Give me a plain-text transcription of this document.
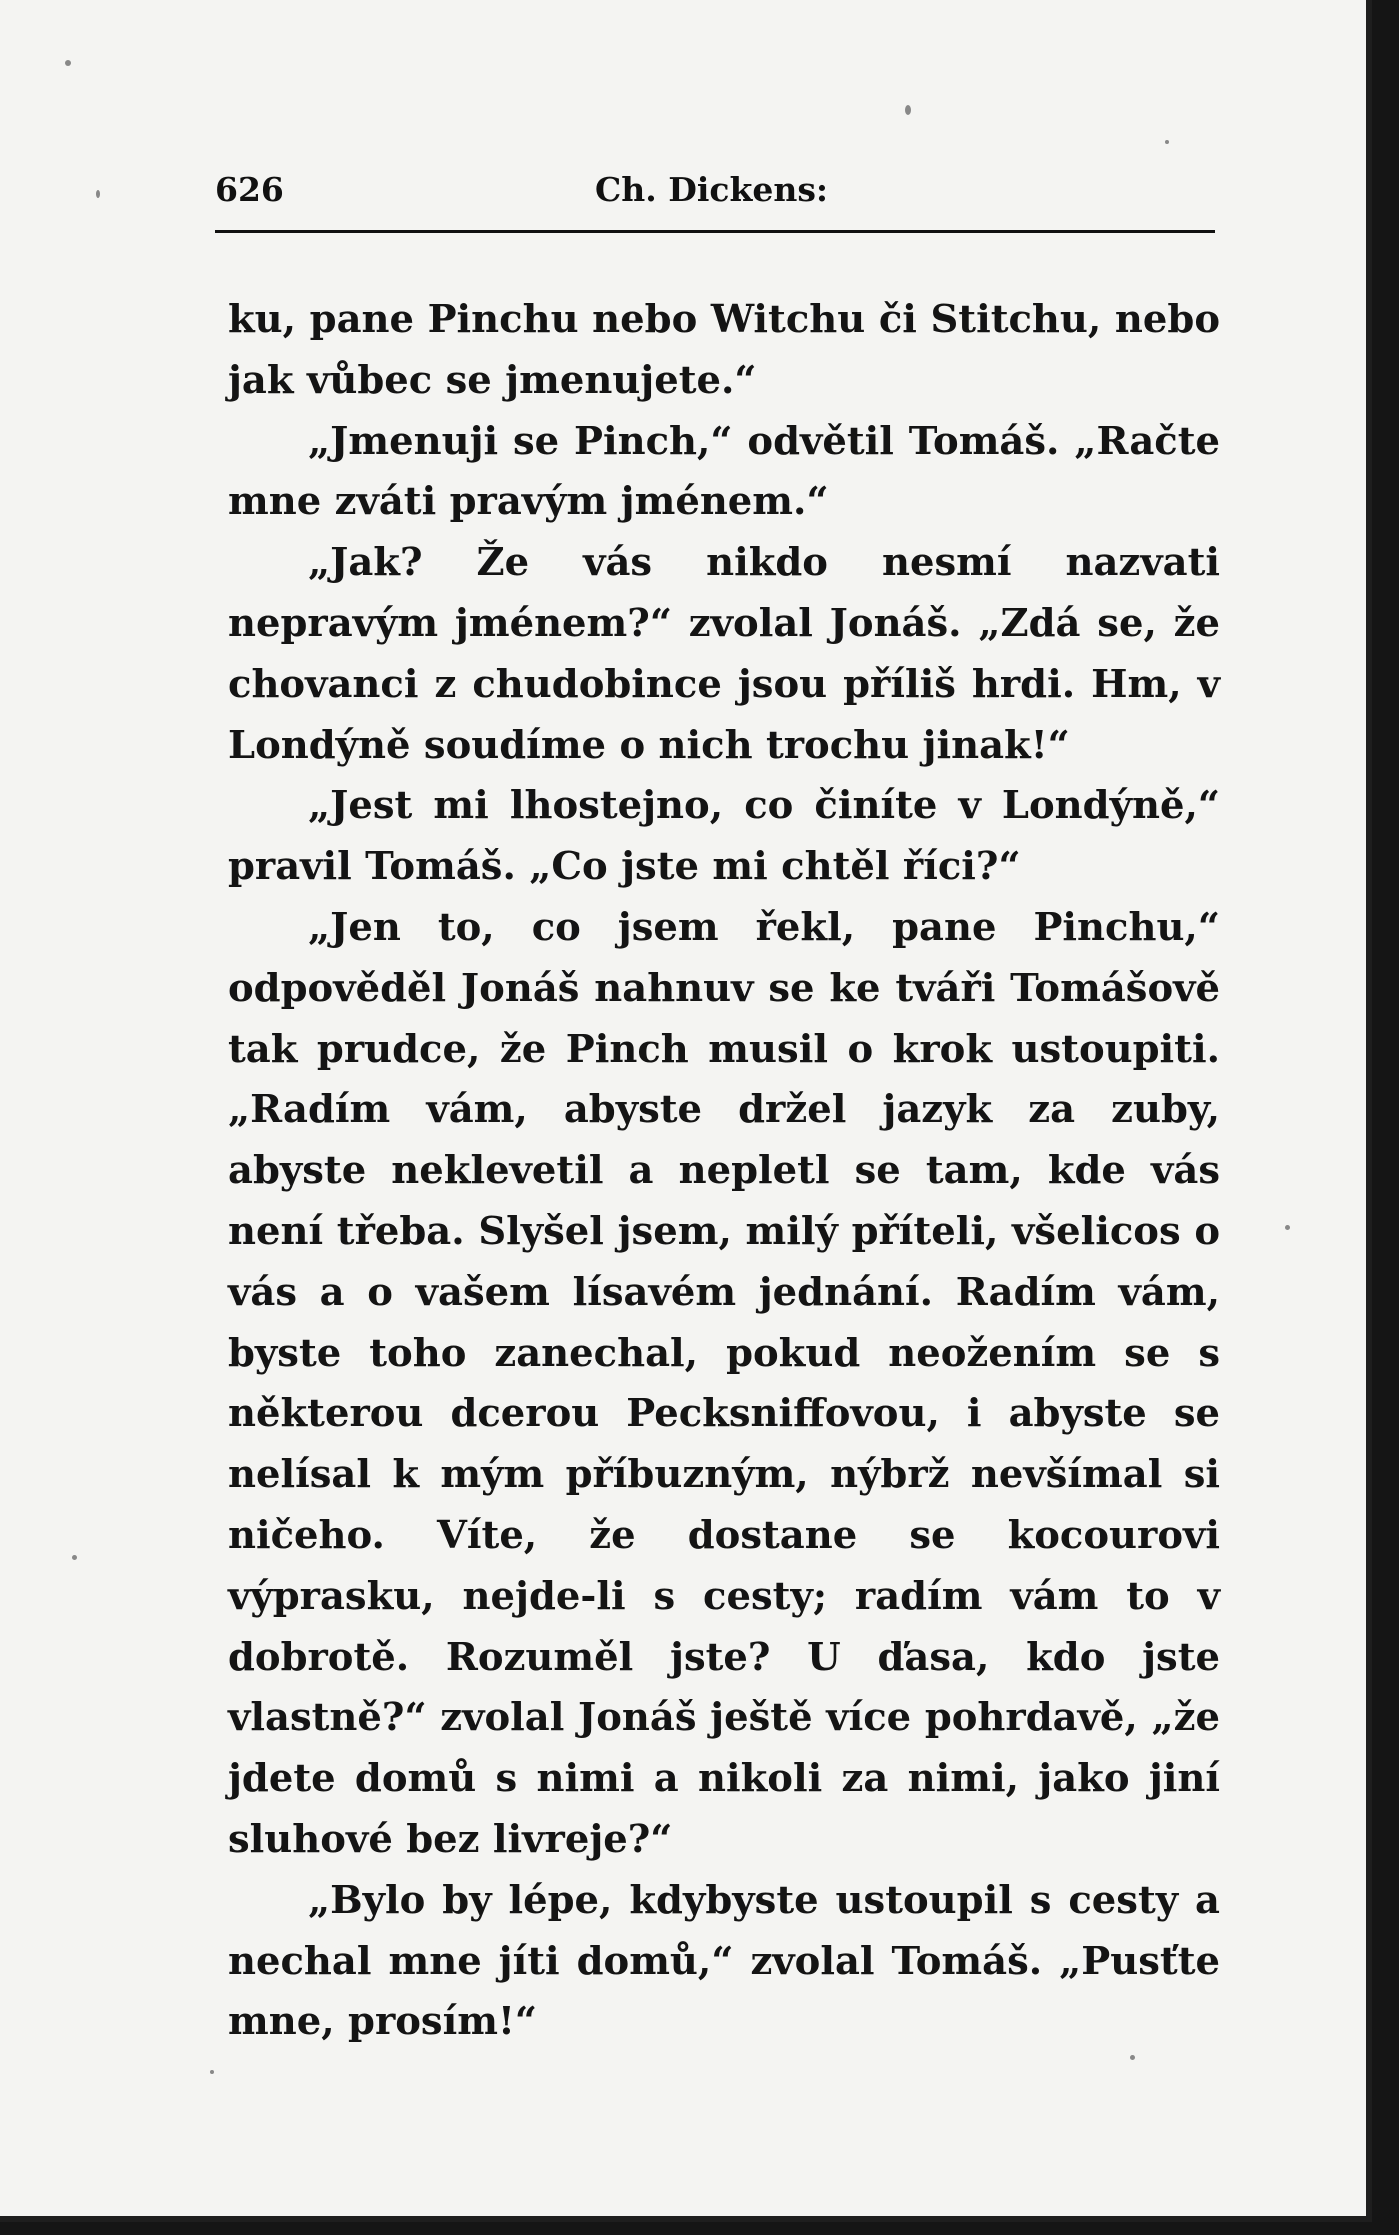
626	Ch. Dickens:

ku, pane Pinchu nebo Witchu či Stitchu, nebo jak vůbec se jmenujete.“

„Jmenuji se Pinch,“ odvětil Tomáš. „Račte mne zváti pravým jménem.“

„Jak? Že vás nikdo nesmí nazvati nepravým jménem?“ zvolal Jonáš. „Zdá se, že chovanci z chudobince jsou příliš hrdi. Hm, v Londýně soudíme o nich trochu jinak!“

„Jest mi lhostejno, co činíte v Londýně,“ pravil Tomáš. „Co jste mi chtěl říci?“

„Jen to, co jsem řekl, pane Pinchu,“ odpověděl Jonáš nahnuv se ke tváři Tomášově tak prudce, že Pinch musil o krok ustoupiti. „Radím vám, abyste držel jazyk za zuby, abyste neklevetil a nepletl se tam, kde vás není třeba. Slyšel jsem, milý příteli, všelicos o vás a o vašem lísavém jednání. Radím vám, byste toho zanechal, pokud neožením se s některou dcerou Pecksniffovou, i abyste se nelísal k mým příbuzným, nýbrž nevšímal si ničeho. Víte, že dostane se kocourovi výprasku, nejde-li s cesty; radím vám to v dobrotě. Rozuměl jste? U ďasa, kdo jste vlastně?“ zvolal Jonáš ještě více pohrdavě, „že jdete domů s nimi a nikoli za nimi, jako jiní sluhové bez livreje?“

„Bylo by lépe, kdybyste ustoupil s cesty a nechal mne jíti domů,“ zvolal Tomáš. „Pusťte mne, prosím!“
